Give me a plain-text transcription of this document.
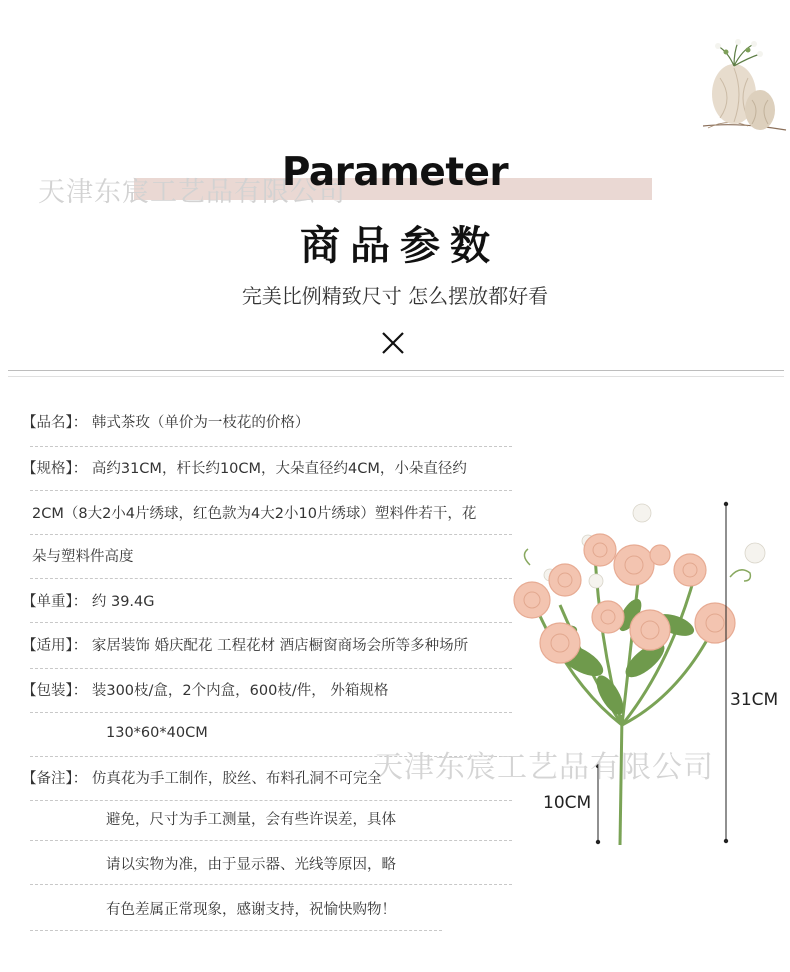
天津东宸工艺品有限公司
Parameter
商品参数
完美比例精致尺寸 怎么摆放都好看
【品名】： 韩式茶玫（单价为一枝花的价格）
【规格】： 高约31CM，杆长约10CM，大朵直径约4CM，小朵直径约
2CM（8大2小4片绣球，红色款为4大2小10片绣球）塑料件若干，花
朵与塑料件高度
【单重】： 约 39.4G
【适用】： 家居装饰 婚庆配花 工程花材 酒店橱窗商场会所等多种场所
【包装】： 装300枝/盒，2个内盒，600枝/件， 外箱规格
130*60*40CM
【备注】： 仿真花为手工制作，胶丝、布料孔洞不可完全
避免，尺寸为手工测量，会有些许误差，具体
请以实物为准，由于显示器、光线等原因，略
有色差属正常现象，感谢支持，祝愉快购物！
31CM
10CM
天津东宸工艺品有限公司
